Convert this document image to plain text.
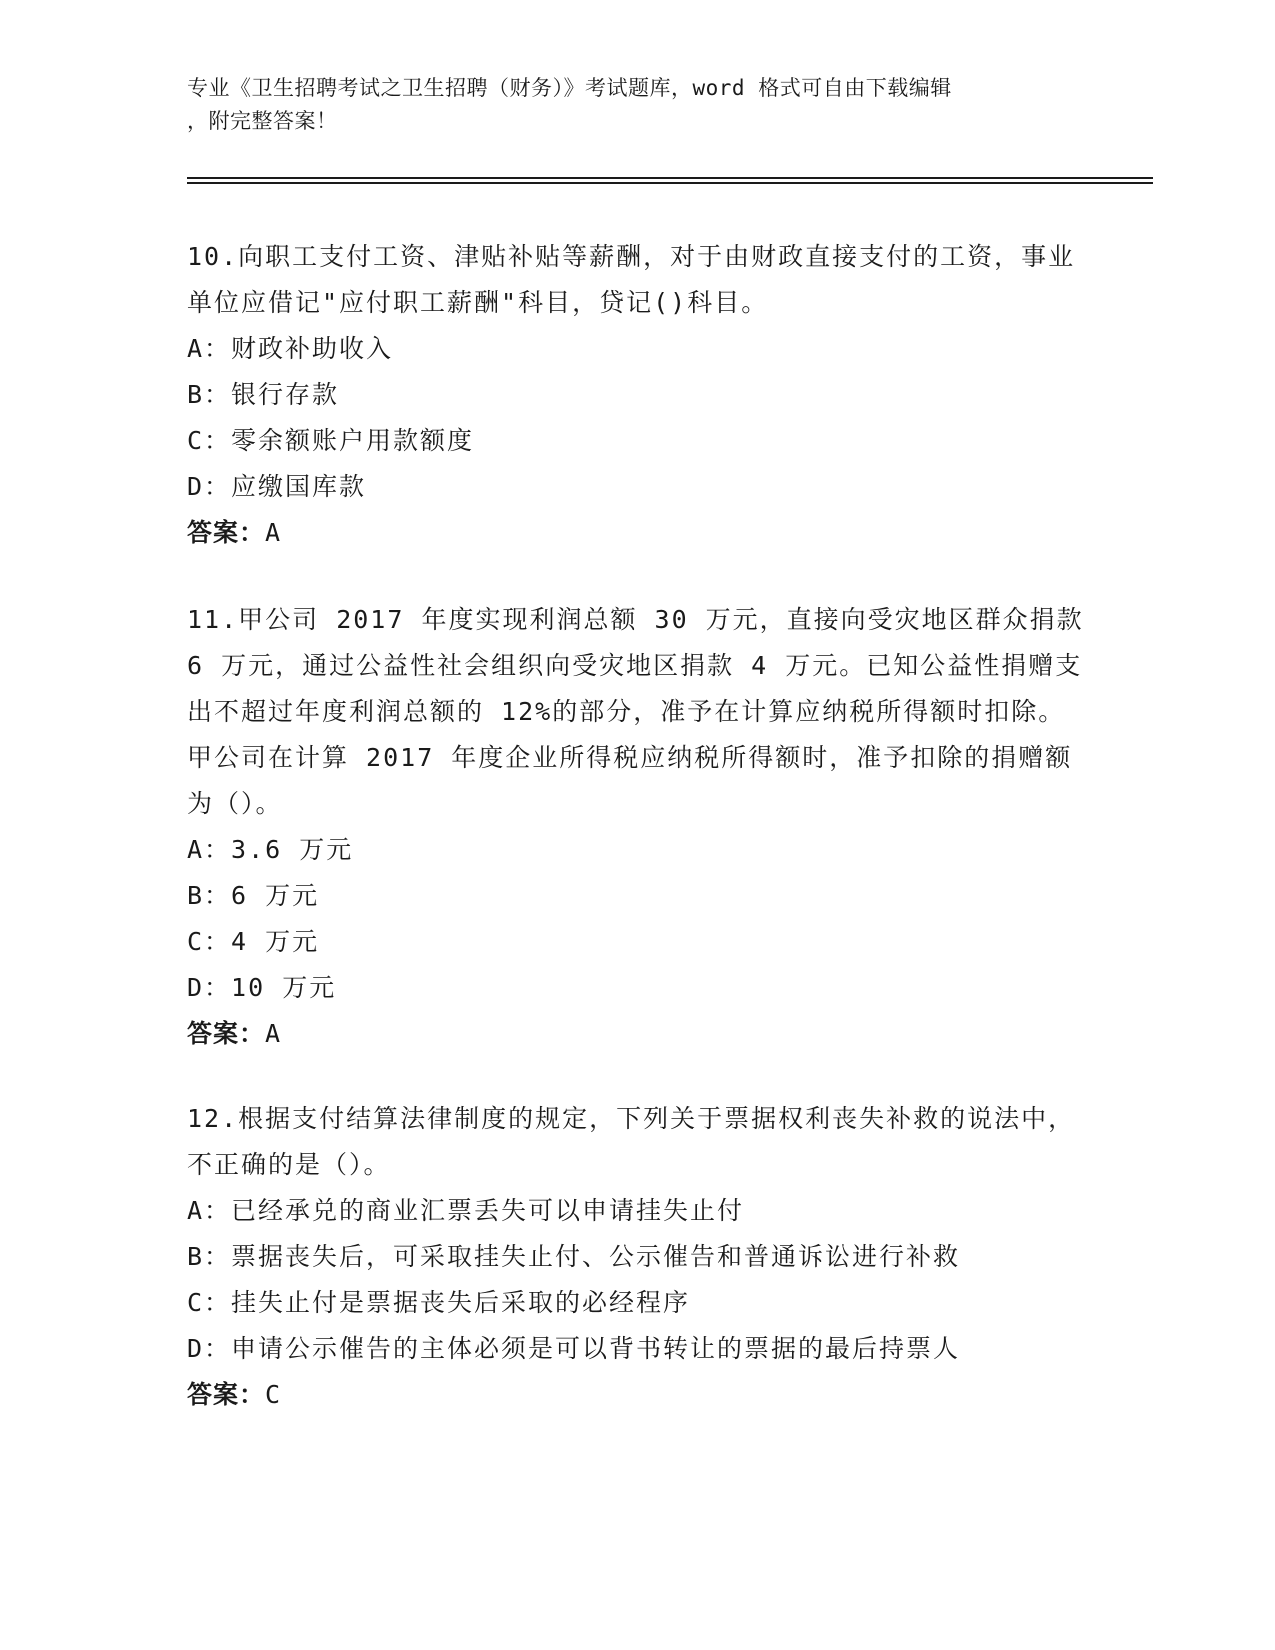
专业《卫生招聘考试之卫生招聘（财务）》考试题库，word 格式可自由下载编辑
，附完整答案！
10.向职工支付工资、津贴补贴等薪酬，对于由财政直接支付的工资，事业单位应借记"应付职工薪酬"科目，贷记()科目。
A：财政补助收入
B：银行存款
C：零余额账户用款额度
D：应缴国库款
答案：A
11.甲公司 2017 年度实现利润总额 30 万元，直接向受灾地区群众捐款 6 万元，通过公益性社会组织向受灾地区捐款 4 万元。已知公益性捐赠支出不超过年度利润总额的 12%的部分，准予在计算应纳税所得额时扣除。甲公司在计算 2017 年度企业所得税应纳税所得额时，准予扣除的捐赠额为（）。
A：3.6 万元
B：6 万元
C：4 万元
D：10 万元
答案：A
12.根据支付结算法律制度的规定，下列关于票据权利丧失补救的说法中，不正确的是（）。
A：已经承兑的商业汇票丢失可以申请挂失止付
B：票据丧失后，可采取挂失止付、公示催告和普通诉讼进行补救
C：挂失止付是票据丧失后采取的必经程序
D：申请公示催告的主体必须是可以背书转让的票据的最后持票人
答案：C
